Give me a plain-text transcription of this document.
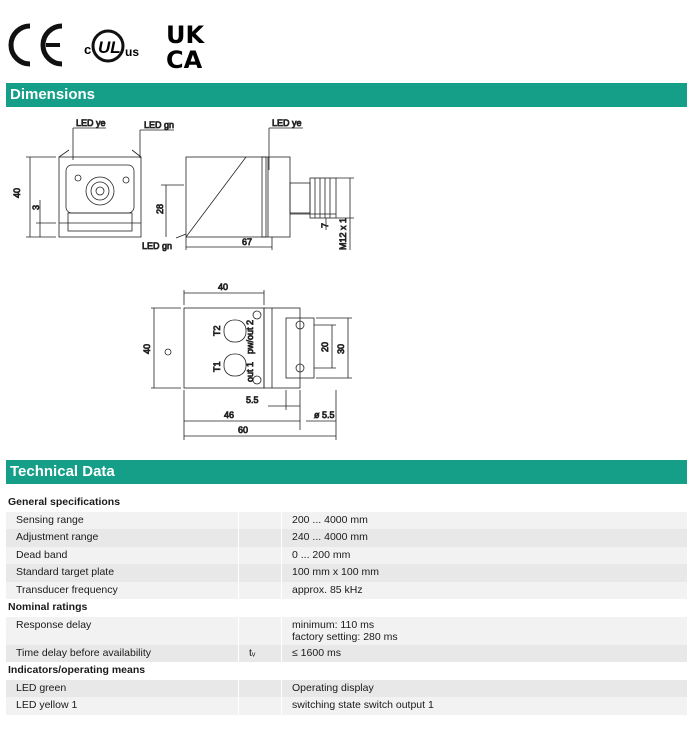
c UL us
UK
CA
Dimensions
LED ye	LED gn
40
3
LED ye
LED gn
28
67
7 M12 x 1
40
40
T2
T1
pw/out 2
out 1
20 30
5.5
46	ø 5.5
60
Technical Data
General specifications		
Sensing range		200 ... 4000 mm

Adjustment range		240 ... 4000 mm

Dead band		0 ... 200 mm

Standard target plate		100 mm x 100 mm

Transducer frequency		approx. 85 kHz

Nominal ratings		
Response delay		minimum: 110 ms
factory setting: 280 ms

Time delay before availability	tᵥ	≤ 1600 ms

Indicators/operating means		
LED green		Operating display

LED yellow 1		switching state switch output 1
